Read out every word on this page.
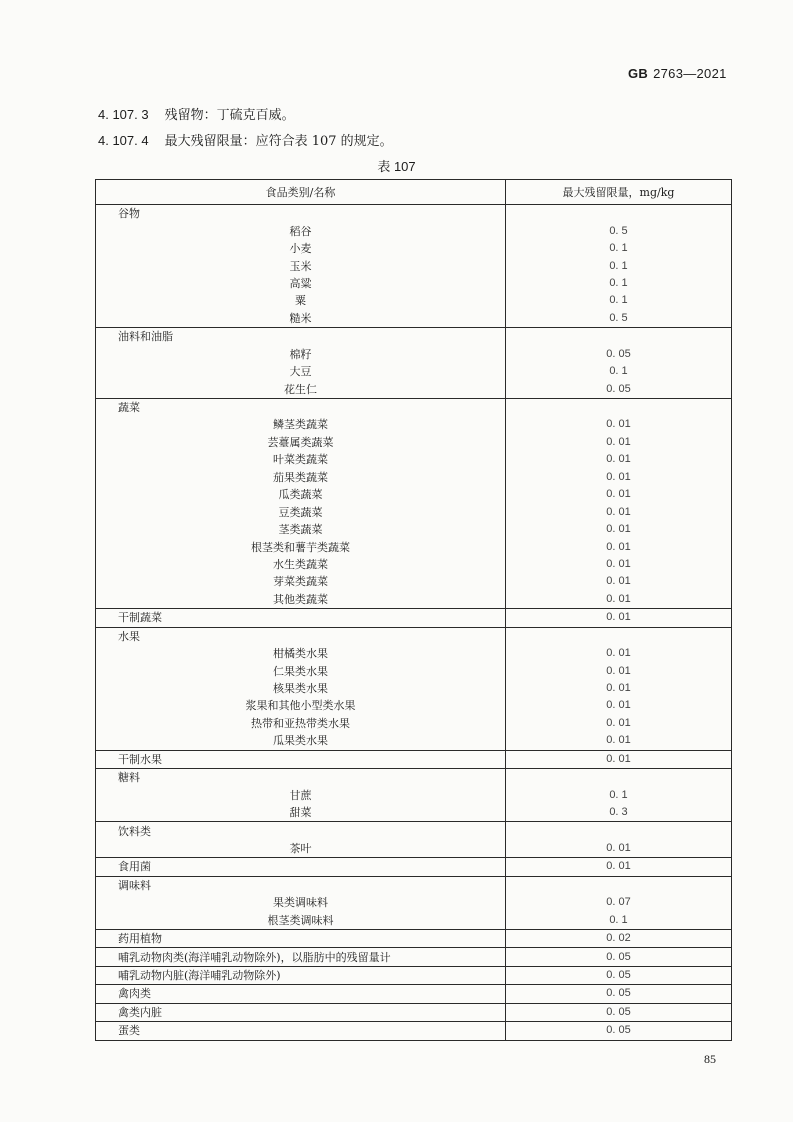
GB 2763—2021
4. 107. 3 残留物：丁硫克百威。
4. 107. 4 最大残留限量：应符合表 107 的规定。
表 107
食品类别/名称	最大残留限量，mg/kg
谷物	
稻谷	0. 5
小麦	0. 1
玉米	0. 1
高粱	0. 1
粟	0. 1
糙米	0. 5
油料和油脂	
棉籽	0. 05
大豆	0. 1
花生仁	0. 05
蔬菜	
鳞茎类蔬菜	0. 01
芸薹属类蔬菜	0. 01
叶菜类蔬菜	0. 01
茄果类蔬菜	0. 01
瓜类蔬菜	0. 01
豆类蔬菜	0. 01
茎类蔬菜	0. 01
根茎类和薯芋类蔬菜	0. 01
水生类蔬菜	0. 01
芽菜类蔬菜	0. 01
其他类蔬菜	0. 01
干制蔬菜	0. 01
水果	
柑橘类水果	0. 01
仁果类水果	0. 01
核果类水果	0. 01
浆果和其他小型类水果	0. 01
热带和亚热带类水果	0. 01
瓜果类水果	0. 01
干制水果	0. 01
糖料	
甘蔗	0. 1
甜菜	0. 3
饮料类	
茶叶	0. 01
食用菌	0. 01
调味料	
果类调味料	0. 07
根茎类调味料	0. 1
药用植物	0. 02
哺乳动物肉类(海洋哺乳动物除外)，以脂肪中的残留量计	0. 05
哺乳动物内脏(海洋哺乳动物除外)	0. 05
禽肉类	0. 05
禽类内脏	0. 05
蛋类	0. 05
85
